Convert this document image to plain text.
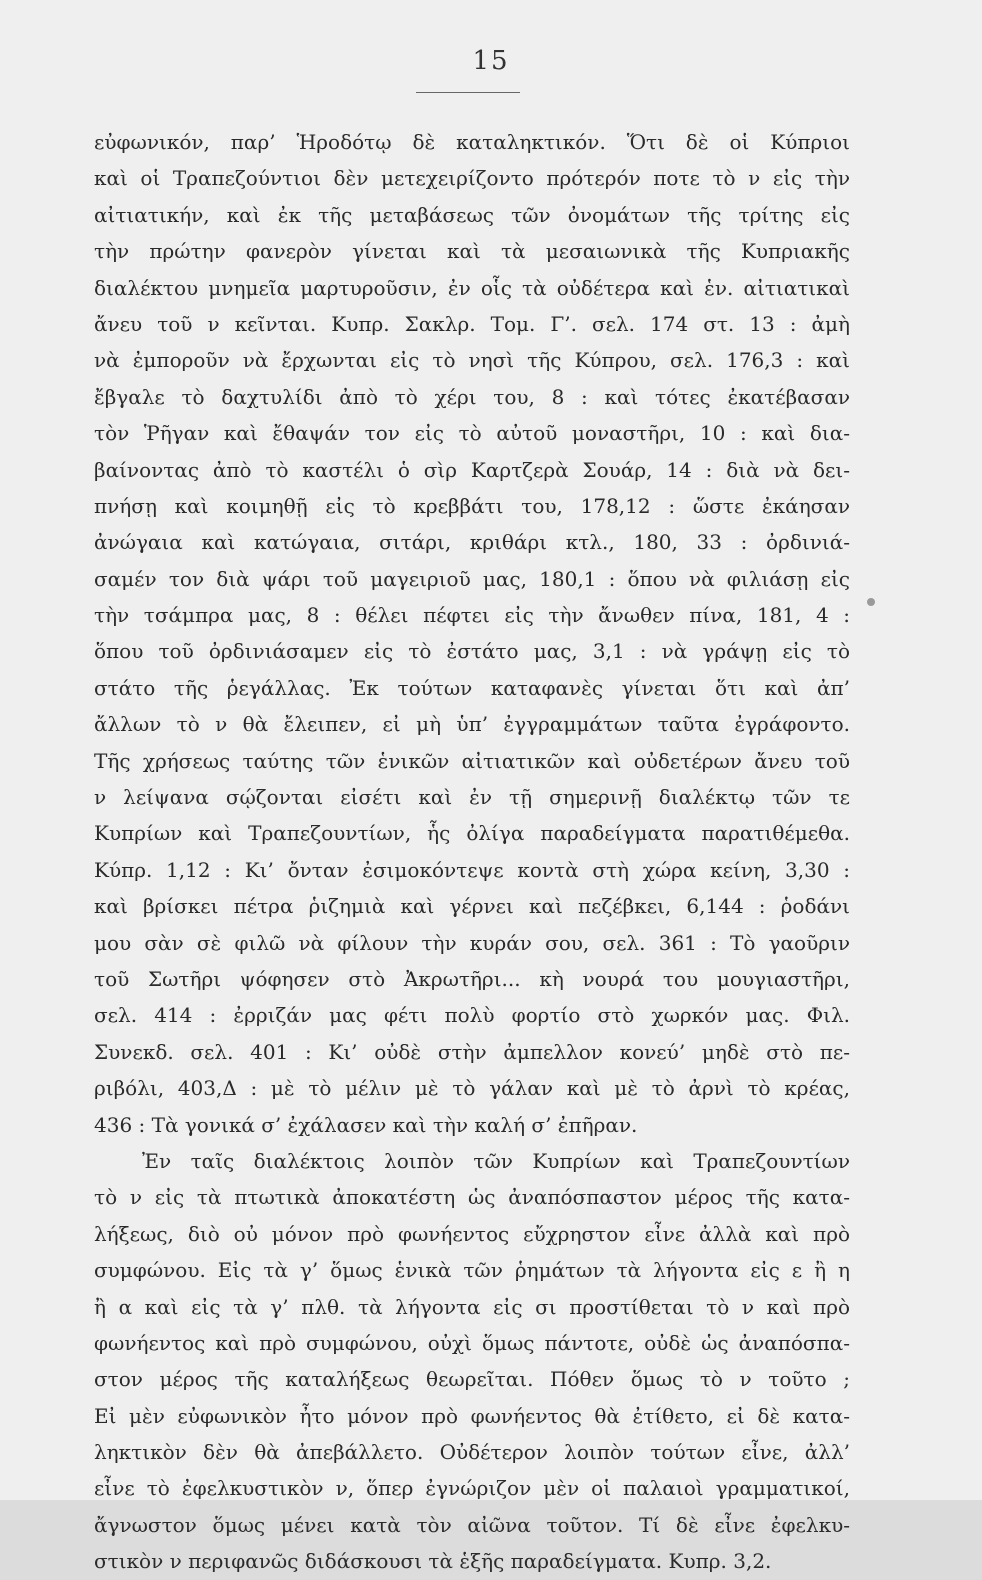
15
εὐφωνικόν, παρ’ Ἡροδότῳ δὲ καταληκτικόν. Ὅτι δὲ οἱ Κύπριοι
καὶ οἱ Τραπεζούντιοι δὲν μετεχειρίζοντο πρότερόν ποτε τὸ ν εἰς τὴν
αἰτιατικήν, καὶ ἐκ τῆς μεταβάσεως τῶν ὀνομάτων τῆς τρίτης εἰς
τὴν πρώτην φανερὸν γίνεται καὶ τὰ μεσαιωνικὰ τῆς Κυπριακῆς
διαλέκτου μνημεῖα μαρτυροῦσιν, ἐν οἷς τὰ οὐδέτερα καὶ ἑν. αἰτιατικαὶ
ἄνευ τοῦ ν κεῖνται. Κυπρ. Σακλρ. Τομ. Γ’. σελ. 174 στ. 13 : ἀμὴ
νὰ ἐμποροῦν νὰ ἔρχωνται εἰς τὸ νησὶ τῆς Κύπρου, σελ. 176,3 : καὶ
ἔβγαλε τὸ δαχτυλίδι ἀπὸ τὸ χέρι του, 8 : καὶ τότες ἐκατέβασαν
τὸν Ῥῆγαν καὶ ἔθαψάν τον εἰς τὸ αὐτοῦ μοναστῆρι, 10 : καὶ δια-
βαίνοντας ἀπὸ τὸ καστέλι ὁ σὶρ Καρτζερὰ Σουάρ, 14 : διὰ νὰ δει-
πνήσῃ καὶ κοιμηθῇ εἰς τὸ κρεββάτι του, 178,12 : ὥστε ἐκάησαν
ἀνώγαια καὶ κατώγαια, σιτάρι, κριθάρι κτλ., 180, 33 : ὀρδινιά-
σαμέν τον διὰ ψάρι τοῦ μαγειριοῦ μας, 180,1 : ὅπου νὰ φιλιάσῃ εἰς
τὴν τσάμπρα μας, 8 : θέλει πέφτει εἰς τὴν ἄνωθεν πίνα, 181, 4 :
ὅπου τοῦ ὀρδινιάσαμεν εἰς τὸ ἐστάτο μας, 3,1 : νὰ γράψῃ εἰς τὸ
στάτο τῆς ῥεγάλλας. Ἐκ τούτων καταφανὲς γίνεται ὅτι καὶ ἀπ’
ἄλλων τὸ ν θὰ ἔλειπεν, εἰ μὴ ὑπ’ ἐγγραμμάτων ταῦτα ἐγράφοντο.
Τῆς χρήσεως ταύτης τῶν ἑνικῶν αἰτιατικῶν καὶ οὐδετέρων ἄνευ τοῦ
ν λείψανα σῴζονται εἰσέτι καὶ ἐν τῇ σημερινῇ διαλέκτῳ τῶν τε
Κυπρίων καὶ Τραπεζουντίων, ἧς ὀλίγα παραδείγματα παρατιθέμεθα.
Κύπρ. 1,12 : Κι’ ὄνταν ἐσιμοκόντεψε κοντὰ στὴ χώρα κείνη, 3,30 :
καὶ βρίσκει πέτρα ῥιζημιὰ καὶ γέρνει καὶ πεζέβκει, 6,144 : ῥοδάνι
μου σὰν σὲ φιλῶ νὰ φίλουν τὴν κυράν σου, σελ. 361 : Τὸ γαοῦριν
τοῦ Σωτῆρι ψόφησεν στὸ Ἀκρωτῆρι... κὴ νουρά του μουγιαστῆρι,
σελ. 414 : ἐρριζάν μας φέτι πολὺ φορτίο στὸ χωρκόν μας. Φιλ.
Συνεκδ. σελ. 401 : Κι’ οὐδὲ στὴν ἀμπελλον κονεύ’ μηδὲ στὸ πε-
ριβόλι, 403,Δ : μὲ τὸ μέλιν μὲ τὸ γάλαν καὶ μὲ τὸ ἀρνὶ τὸ κρέας,
436 : Τὰ γονικά σ’ ἐχάλασεν καὶ τὴν καλή σ’ ἐπῆραν.
Ἐν ταῖς διαλέκτοις λοιπὸν τῶν Κυπρίων καὶ Τραπεζουντίων
τὸ ν εἰς τὰ πτωτικὰ ἀποκατέστη ὡς ἀναπόσπαστον μέρος τῆς κατα-
λήξεως, διὸ οὐ μόνον πρὸ φωνήεντος εὔχρηστον εἶνε ἀλλὰ καὶ πρὸ
συμφώνου. Εἰς τὰ γ’ ὅμως ἑνικὰ τῶν ῥημάτων τὰ λήγοντα εἰς ε ἢ η
ἢ α καὶ εἰς τὰ γ’ πλθ. τὰ λήγοντα εἰς σι προστίθεται τὸ ν καὶ πρὸ
φωνήεντος καὶ πρὸ συμφώνου, οὐχὶ ὅμως πάντοτε, οὐδὲ ὡς ἀναπόσπα-
στον μέρος τῆς καταλήξεως θεωρεῖται. Πόθεν ὅμως τὸ ν τοῦτο ;
Εἰ μὲν εὐφωνικὸν ἦτο μόνον πρὸ φωνήεντος θὰ ἐτίθετο, εἰ δὲ κατα-
ληκτικὸν δὲν θὰ ἀπεβάλλετο. Οὐδέτερον λοιπὸν τούτων εἶνε, ἀλλ’
εἶνε τὸ ἐφελκυστικὸν ν, ὅπερ ἐγνώριζον μὲν οἱ παλαιοὶ γραμματικοί,
ἄγνωστον ὅμως μένει κατὰ τὸν αἰῶνα τοῦτον. Τί δὲ εἶνε ἐφελκυ-
στικὸν ν περιφανῶς διδάσκουσι τὰ ἑξῆς παραδείγματα. Κυπρ. 3,2.
